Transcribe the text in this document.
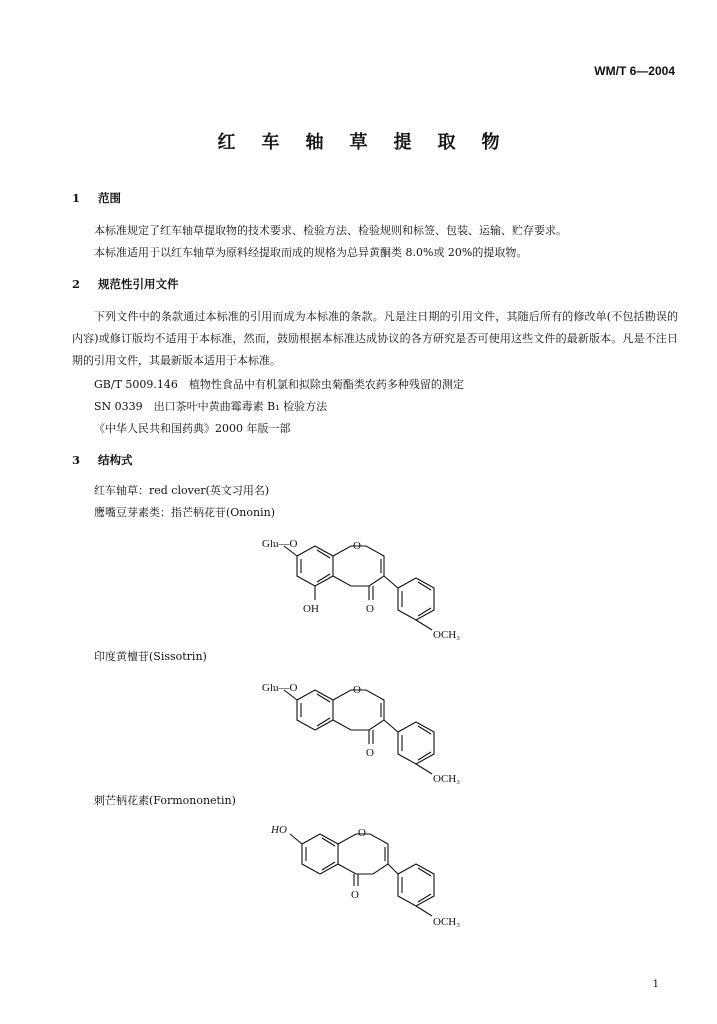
WM/T 6—2004
红车轴草提取物
1 范围
本标准规定了红车轴草提取物的技术要求、检验方法、检验规则和标签、包装、运输、贮存要求。
本标准适用于以红车轴草为原料经提取而成的规格为总异黄酮类 8.0%或 20%的提取物。
2 规范性引用文件
下列文件中的条款通过本标准的引用而成为本标准的条款。凡是注日期的引用文件，其随后所有的修改单(不包括勘误的内容)或修订版均不适用于本标准，然而，鼓励根据本标准达成协议的各方研究是否可使用这些文件的最新版本。凡是不注日期的引用文件，其最新版本适用于本标准。
GB/T 5009.146　植物性食品中有机氯和拟除虫菊酯类农药多种残留的测定
SN 0339　出口茶叶中黄曲霉毒素 B₁ 检验方法
《中华人民共和国药典》2000 年版一部
3 结构式
红车轴草：red clover(英文习用名)
鹰嘴豆芽素类：指芒柄花苷(Ononin)
Glu—O	O
OH	O
OCH₃
印度黄檀苷(Sissotrin)
Glu—O	O
O
OCH₃
刺芒柄花素(Formononetin)
HO	O
O
OCH₃
1
